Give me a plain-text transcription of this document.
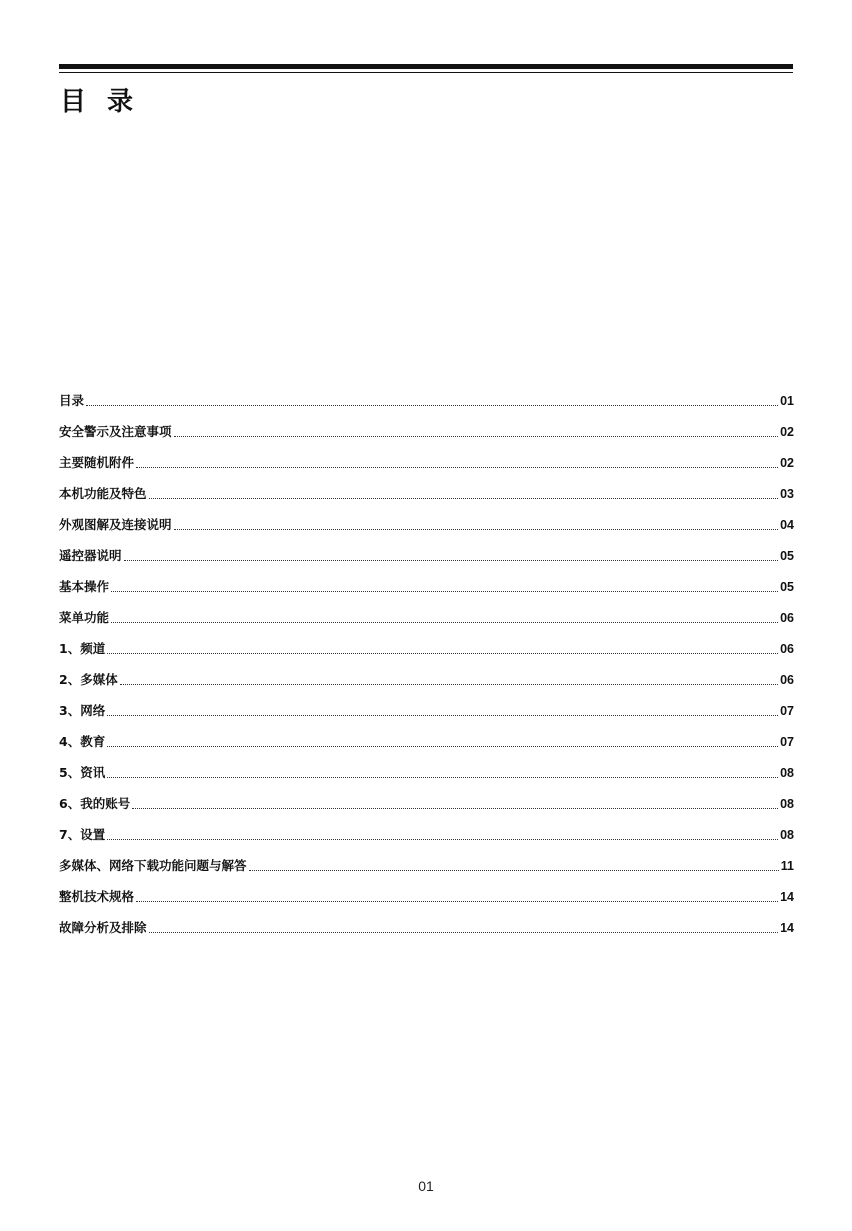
目 录
目录	01
安全警示及注意事项	02
主要随机附件	02
本机功能及特色	03
外观图解及连接说明	04
遥控器说明	05
基本操作	05
菜单功能	06
1、频道	06
2、多媒体	06
3、网络	07
4、教育	07
5、资讯	08
6、我的账号	08
7、设置	08
多媒体、网络下载功能问题与解答	11
整机技术规格	14
故障分析及排除	14
01
